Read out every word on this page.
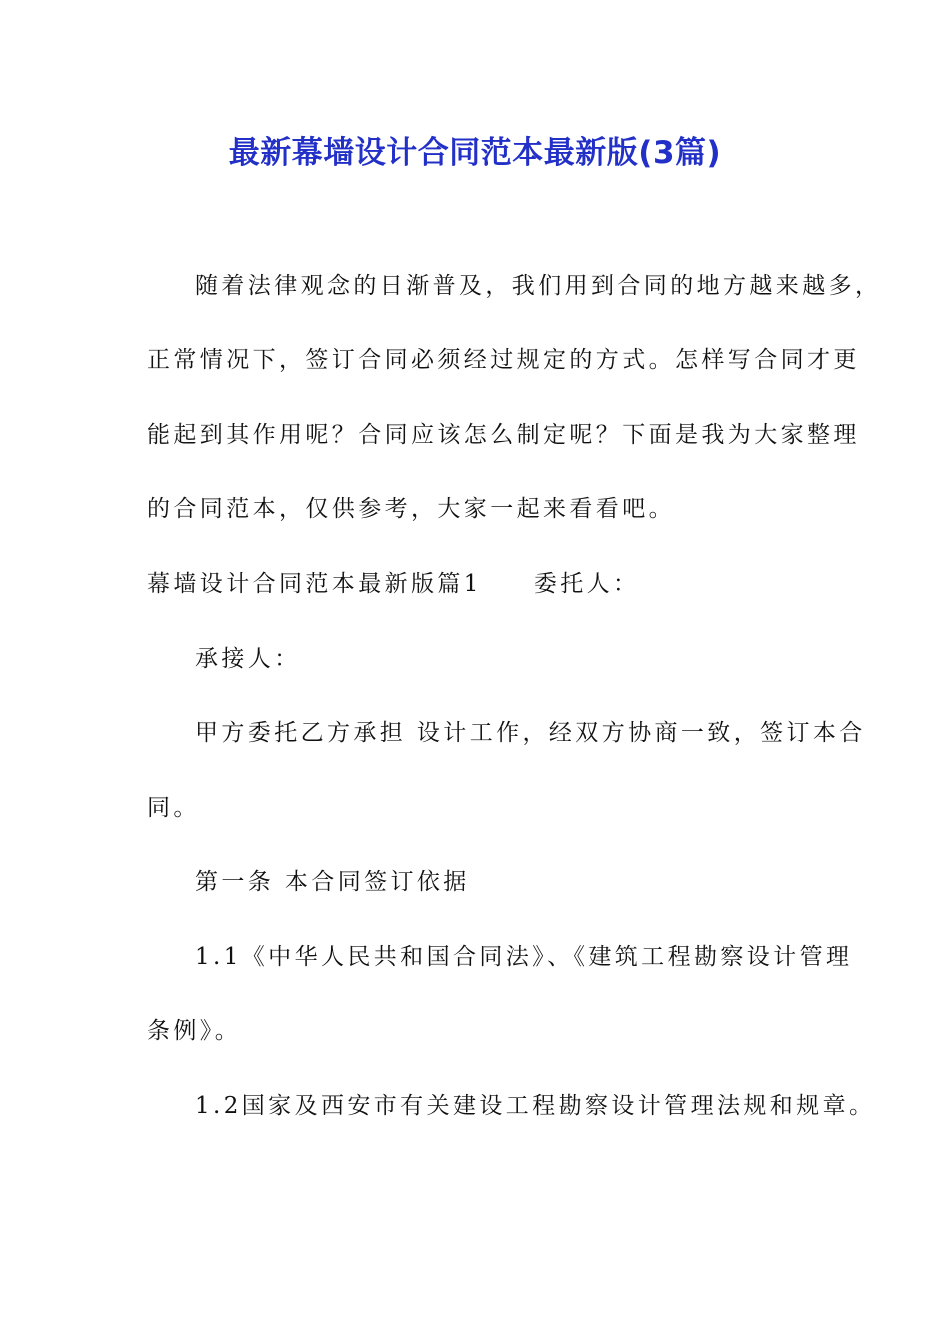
最新幕墙设计合同范本最新版(3篇)
随着法律观念的日渐普及，我们用到合同的地方越来越多，
正常情况下，签订合同必须经过规定的方式。怎样写合同才更
能起到其作用呢？合同应该怎么制定呢？下面是我为大家整理
的合同范本，仅供参考，大家一起来看看吧。
幕墙设计合同范本最新版篇1 委托人：
承接人：
甲方委托乙方承担 设计工作，经双方协商一致，签订本合
同。
第一条 本合同签订依据
1.1《中华人民共和国合同法》、《建筑工程勘察设计管理
条例》。
1.2国家及西安市有关建设工程勘察设计管理法规和规章。
